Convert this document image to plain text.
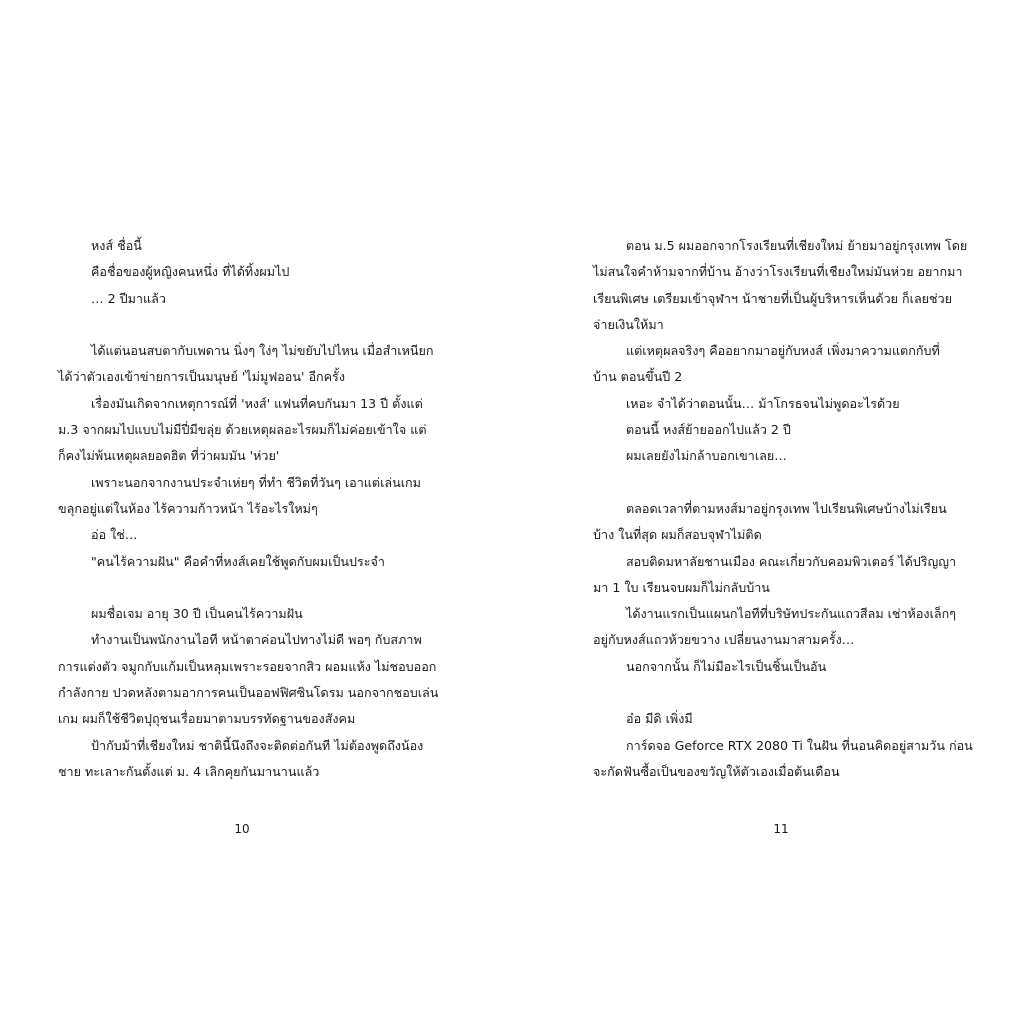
หงส์ ชื่อนี้
คือชื่อของผู้หญิงคนหนึ่ง ที่ได้ทิ้งผมไป
… 2 ปีมาแล้ว
ได้แต่นอนสบตากับเพดาน นิ่งๆ ใง่ๆ ไม่ขยับไปไหน เมื่อสำเหนียก
ได้ว่าตัวเองเข้าข่ายการเป็นมนุษย์ 'ไม่มูฟออน' อีกครั้ง
เรื่องมันเกิดจากเหตุการณ์ที่ 'หงส์' แฟนที่คบกันมา 13 ปี ตั้งแต่
ม.3 จากผมไปแบบไม่มีปี่มีขลุ่ย ด้วยเหตุผลอะไรผมก็ไม่ค่อยเข้าใจ แต่
ก็คงไม่พ้นเหตุผลยอดฮิต ที่ว่าผมมัน 'ห่วย'
เพราะนอกจากงานประจำเห่ยๆ ที่ทำ ชีวิตที่วันๆ เอาแต่เล่นเกม
ขลุกอยู่แต่ในห้อง ไร้ความก้าวหน้า ไร้อะไรใหม่ๆ
อ่อ ใช่…
"คนไร้ความฝัน" คือคำที่หงส์เคยใช้พูดกับผมเป็นประจำ
ผมชื่อเจม อายุ 30 ปี เป็นคนไร้ความฝัน
ทำงานเป็นพนักงานไอที หน้าตาค่อนไปทางไม่ดี พอๆ กับสภาพ
การแต่งตัว จมูกกับแก้มเป็นหลุมเพราะรอยจากสิว ผอมแห้ง ไม่ชอบออก
กำลังกาย ปวดหลังตามอาการคนเป็นออฟฟิศซินโดรม นอกจากชอบเล่น
เกม ผมก็ใช้ชีวิตปุถุชนเรื่อยมาตามบรรทัดฐานของสังคม
ป้ากับม้าที่เชียงใหม่ ชาตินี้นึงถึงจะติดต่อกันที ไม่ต้องพูดถึงน้อง
ชาย ทะเลาะกันตั้งแต่ ม. 4 เลิกคุยกันมานานแล้ว
ตอน ม.5 ผมออกจากโรงเรียนที่เชียงใหม่ ย้ายมาอยู่กรุงเทพ โดย
ไม่สนใจคำห้ามจากที่บ้าน อ้างว่าโรงเรียนที่เชียงใหม่มันห่วย อยากมา
เรียนพิเศษ เตรียมเข้าจุฬาฯ น้าชายที่เป็นผู้บริหารเห็นด้วย ก็เลยช่วย
จ่ายเงินให้มา
แต่เหตุผลจริงๆ คืออยากมาอยู่กับหงส์ เพิ่งมาความแตกกับที่
บ้าน ตอนขึ้นปี 2
เหอะ จำได้ว่าตอนนั้น… ม้าโกรธจนไม่พูดอะไรด้วย
ตอนนี้ หงส์ย้ายออกไปแล้ว 2 ปี
ผมเลยยังไม่กล้าบอกเขาเลย…
ตลอดเวลาที่ตามหงส์มาอยู่กรุงเทพ ไปเรียนพิเศษบ้างไม่เรียน
บ้าง ในที่สุด ผมก็สอบจุฬาไม่ติด
สอบติดมหาลัยชานเมือง คณะเกี่ยวกับคอมพิวเตอร์ ได้ปริญญา
มา 1 ใบ เรียนจบผมก็ไม่กลับบ้าน
ได้งานแรกเป็นแผนกไอทีที่บริษัทประกันแถวสีลม เช่าห้องเล็กๆ
อยู่กับหงส์แถวห้วยขวาง เปลี่ยนงานมาสามครั้ง…
นอกจากนั้น ก็ไม่มีอะไรเป็นชิ้นเป็นอัน
อ๋อ มีดิ เพิ่งมี
การ์ดจอ Geforce RTX 2080 Ti ในฝัน ที่นอนคิดอยู่สามวัน ก่อน
จะกัดฟันซื้อเป็นของขวัญให้ตัวเองเมื่อต้นเดือน
10	11
